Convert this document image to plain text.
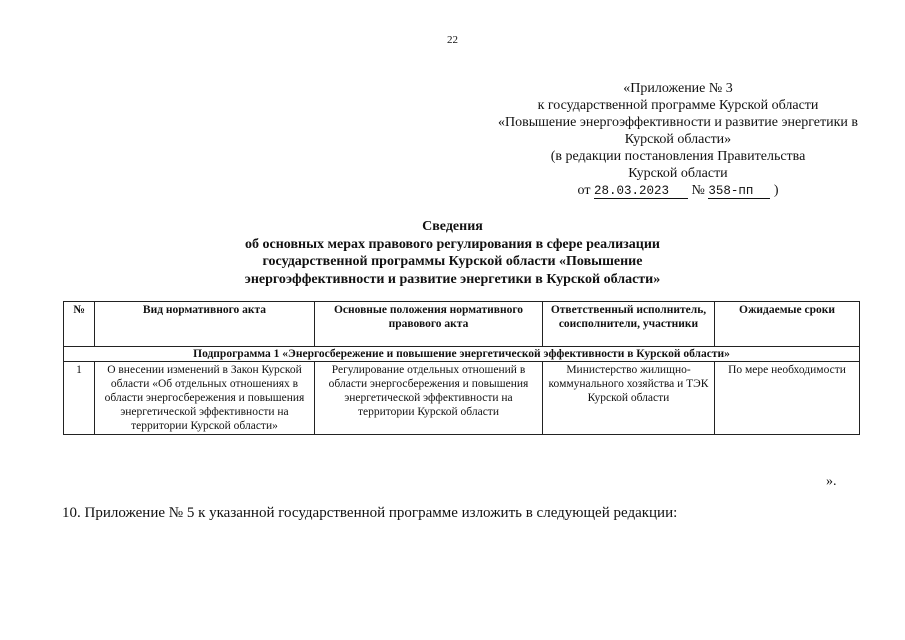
22
«Приложение № 3
к государственной программе Курской области
«Повышение энергоэффективности и развитие энергетики в
Курской области»
(в редакции постановления Правительства
Курской области
от 28.03.2023 № 358-пп )
Сведения
об основных мерах правового регулирования в сфере реализации
государственной программы Курской области «Повышение
энергоэффективности и развитие энергетики в Курской области»
№	Вид нормативного акта	Основные положения нормативного правового акта	Ответственный исполнитель, соисполнители, участники	Ожидаемые сроки
Подпрограмма 1 «Энергосбережение и повышение энергетической эффективности в Курской области»				
1	О внесении изменений в Закон Курской области «Об отдельных отношениях в области энергосбережения и повышения энергетической эффективности на территории Курской области»	Регулирование отдельных отношений в области энергосбережения и повышения энергетической эффективности на территории Курской области	Министерство жилищно-коммунального хозяйства и ТЭК Курской области	По мере необходимости
».
10. Приложение № 5 к указанной государственной программе изложить в следующей редакции:
